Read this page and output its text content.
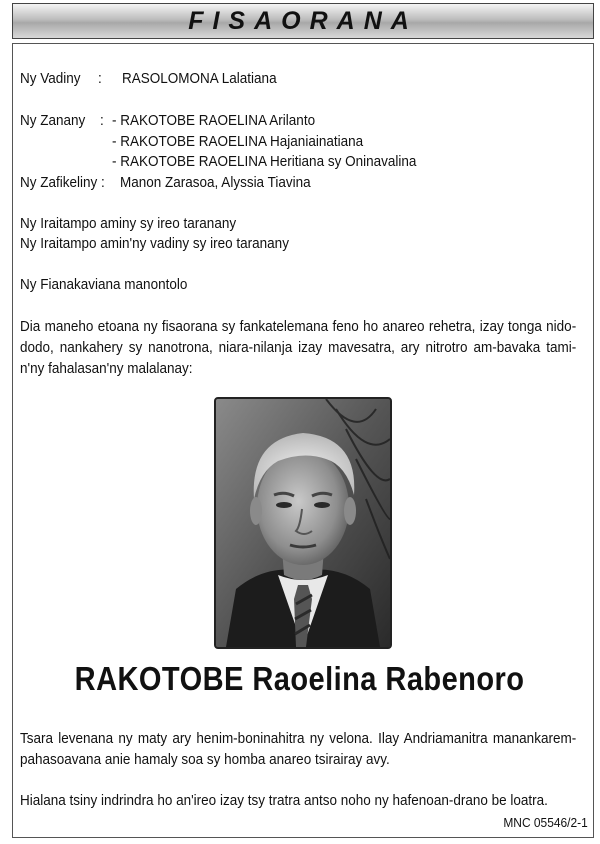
FISAORANA
Ny Vadiny : RASOLOMONA Lalatiana
Ny Zanany : - RAKOTOBE RAOELINA Arilanto
- RAKOTOBE RAOELINA Hajaniainatiana
- RAKOTOBE RAOELINA Heritiana sy Oninavalina
Ny Zafikeliny : Manon Zarasoa, Alyssia Tiavina
Ny Iraitampo aminy sy ireo taranany
Ny Iraitampo amin'ny vadiny sy ireo taranany
Ny Fianakaviana manontolo
Dia maneho etoana ny fisaorana sy fankatelemana feno ho anareo rehetra, izay tonga nido-dodo, nankahery sy nanotrona, niara-nilanja izay mavesatra, ary nitrotro am-bavaka tami-n'ny fahalasan'ny malalanay:
RAKOTOBE Raoelina Rabenoro
Tsara levenana ny maty ary henim-boninahitra ny velona. Ilay Andriamanitra manankarem-pahasoavana anie hamaly soa sy homba anareo tsirairay avy.
Hialana tsiny indrindra ho an'ireo izay tsy tratra antso noho ny hafenoan-drano be loatra.
MNC 05546/2-1
